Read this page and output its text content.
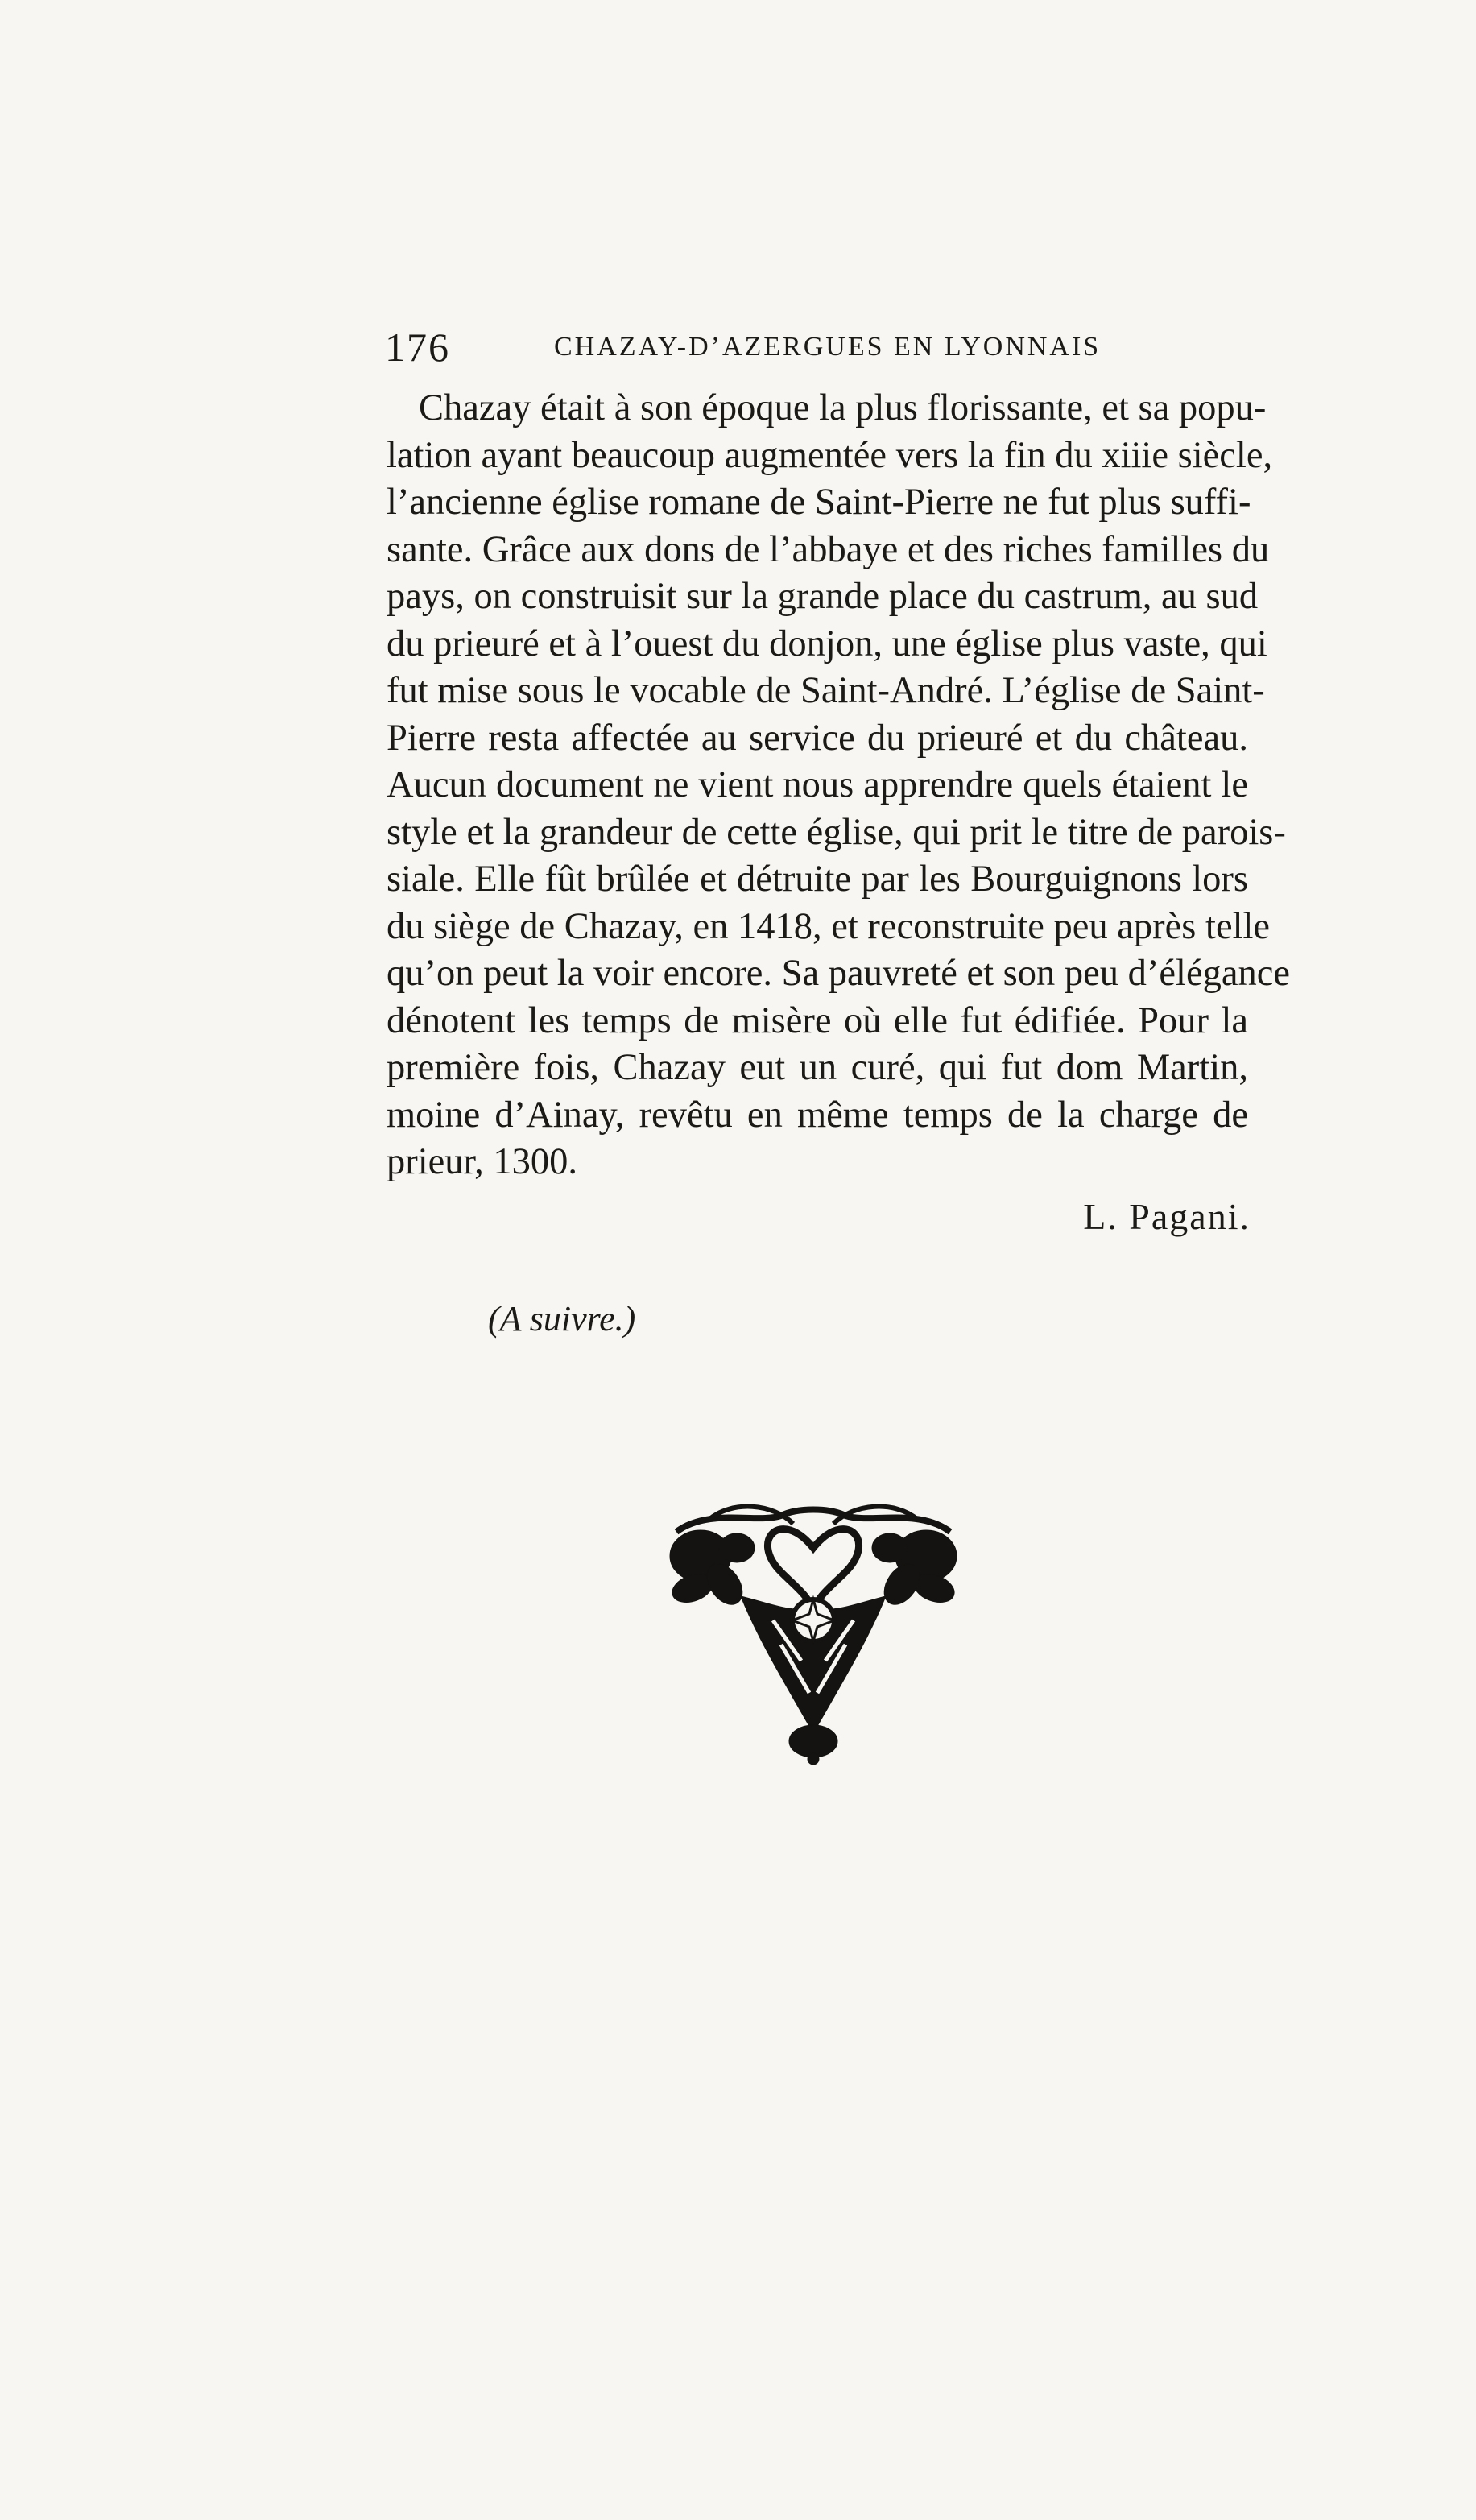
176	CHAZAY-D’AZERGUES EN LYONNAIS
Chazay était à son époque la plus florissante, et sa popu-
lation ayant beaucoup augmentée vers la fin du xiiie siècle,
l’ancienne église romane de Saint-Pierre ne fut plus suffi-
sante. Grâce aux dons de l’abbaye et des riches familles du
pays, on construisit sur la grande place du castrum, au sud
du prieuré et à l’ouest du donjon, une église plus vaste, qui
fut mise sous le vocable de Saint-André. L’église de Saint-
Pierre resta affectée au service du prieuré et du château.
Aucun document ne vient nous apprendre quels étaient le
style et la grandeur de cette église, qui prit le titre de parois-
siale. Elle fût brûlée et détruite par les Bourguignons lors
du siège de Chazay, en 1418, et reconstruite peu après telle
qu’on peut la voir encore. Sa pauvreté et son peu d’élégance
dénotent les temps de misère où elle fut édifiée. Pour la
première fois, Chazay eut un curé, qui fut dom Martin,
moine d’Ainay, revêtu en même temps de la charge de
prieur, 1300.
L. Pagani.
(A suivre.)
